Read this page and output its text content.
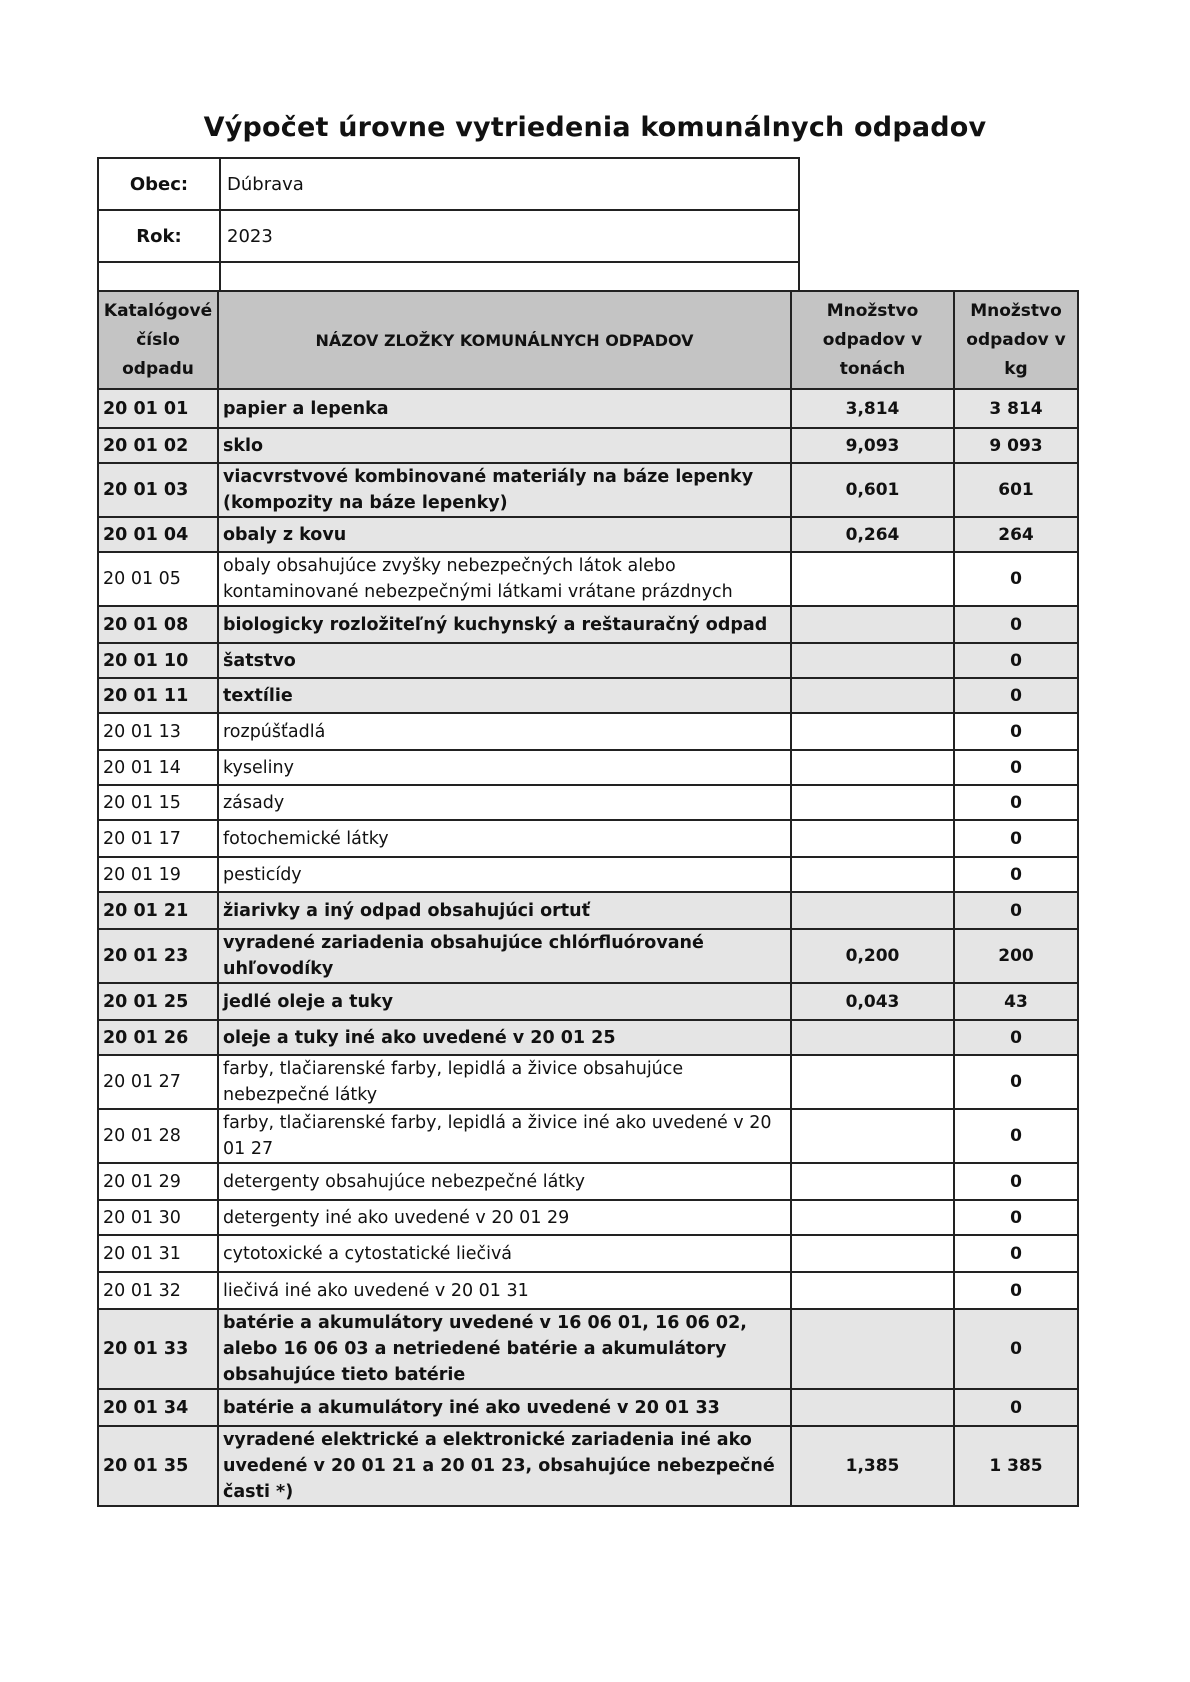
Výpočet úrovne vytriedenia komunálnych odpadov
Obec:	Dúbrava
Rok:	2023

Katalógové číslo odpadu	NÁZOV ZLOŽKY KOMUNÁLNYCH ODPADOV	Množstvo odpadov v tonách	Množstvo odpadov v kg
20 01 01	papier a lepenka	3,814	3 814
20 01 02	sklo	9,093	9 093
20 01 03	viacvrstvové kombinované materiály na báze lepenky (kompozity na báze lepenky)	0,601	601
20 01 04	obaly z kovu	0,264	264
20 01 05	obaly obsahujúce zvyšky nebezpečných látok alebo kontaminované nebezpečnými látkami vrátane prázdnych		0
20 01 08	biologicky rozložiteľný kuchynský a reštauračný odpad		0
20 01 10	šatstvo		0
20 01 11	textílie		0
20 01 13	rozpúšťadlá		0
20 01 14	kyseliny		0
20 01 15	zásady		0
20 01 17	fotochemické látky		0
20 01 19	pesticídy		0
20 01 21	žiarivky a iný odpad obsahujúci ortuť		0
20 01 23	vyradené zariadenia obsahujúce chlórfluórované uhľovodíky	0,200	200
20 01 25	jedlé oleje a tuky	0,043	43
20 01 26	oleje a tuky iné ako uvedené v 20 01 25		0
20 01 27	farby, tlačiarenské farby, lepidlá a živice obsahujúce nebezpečné látky		0
20 01 28	farby, tlačiarenské farby, lepidlá a živice iné ako uvedené v 20 01 27		0
20 01 29	detergenty obsahujúce nebezpečné látky		0
20 01 30	detergenty iné ako uvedené v 20 01 29		0
20 01 31	cytotoxické a cytostatické liečivá		0
20 01 32	liečivá iné ako uvedené v 20 01 31		0
20 01 33	batérie a akumulátory uvedené v 16 06 01, 16 06 02, alebo 16 06 03 a netriedené batérie a akumulátory obsahujúce tieto batérie		0
20 01 34	batérie a akumulátory iné ako uvedené v 20 01 33		0
20 01 35	vyradené elektrické a elektronické zariadenia iné ako uvedené v 20 01 21 a 20 01 23, obsahujúce nebezpečné časti *)	1,385	1 385
